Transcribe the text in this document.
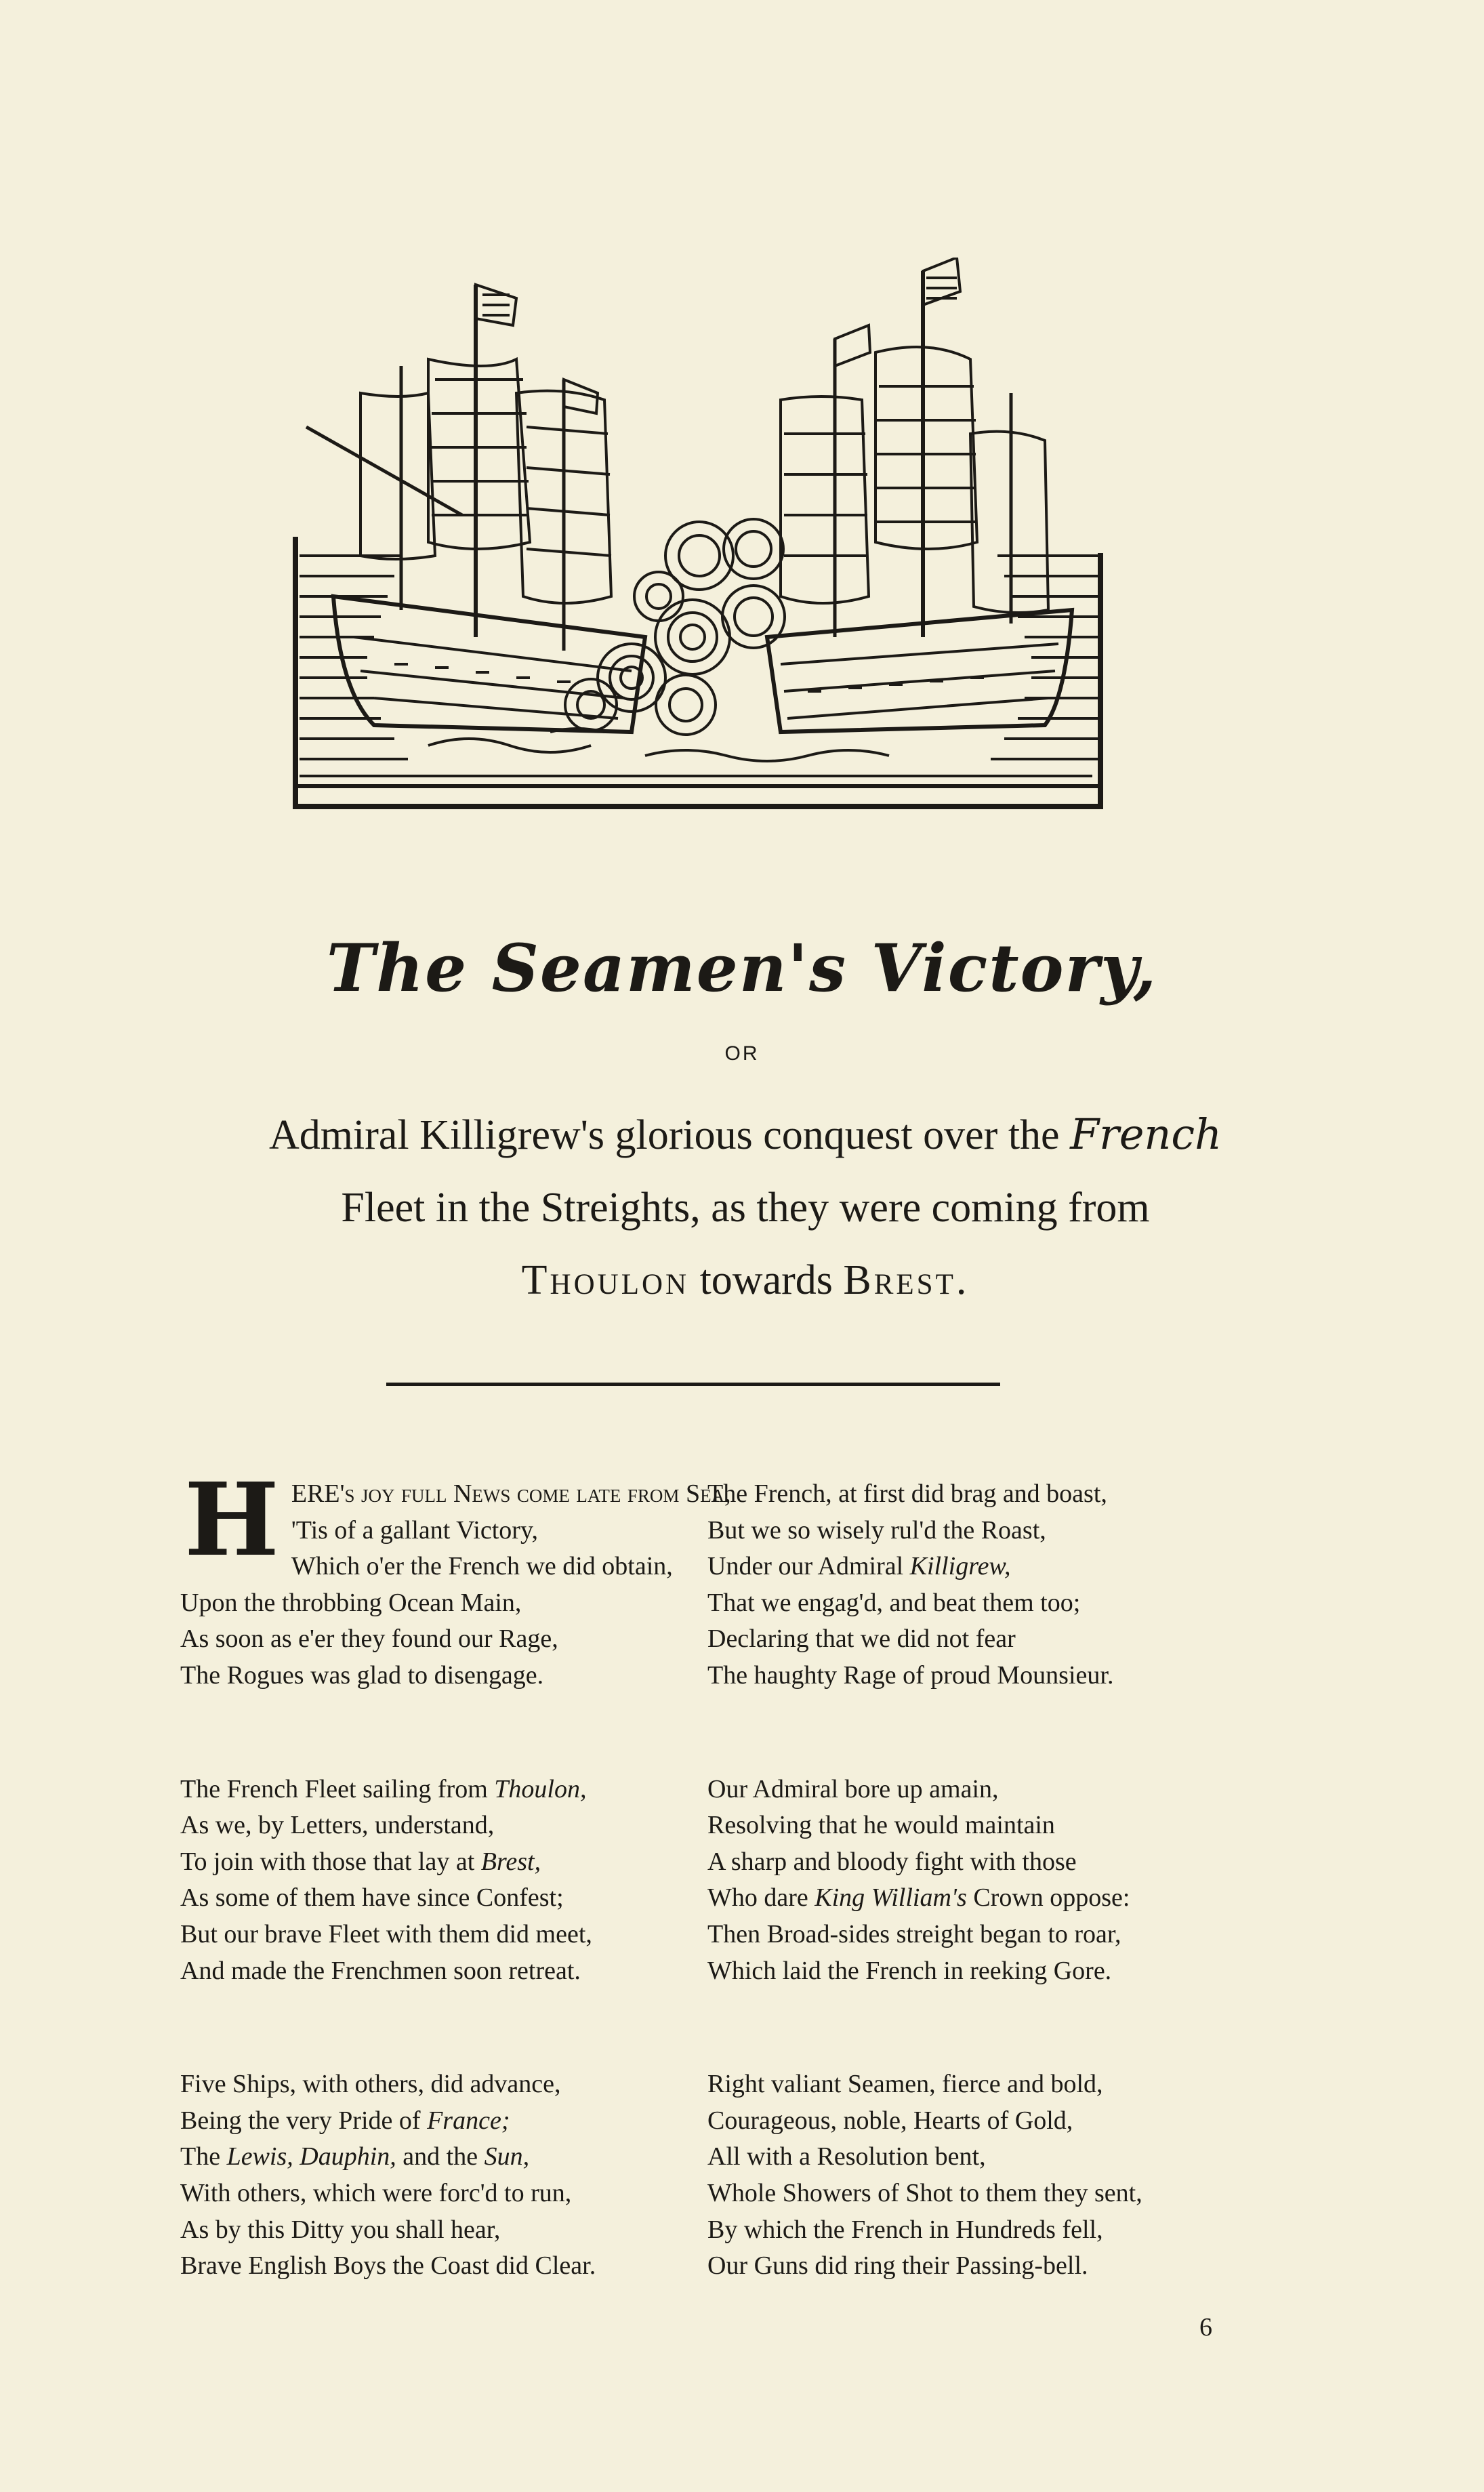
The Seamen's Victory,
OR
Admiral Killigrew's glorious conquest over the French
Fleet in the Streights, as they were coming from
Thoulon towards Brest.
H ERE's joy full News come late from Sea,
'Tis of a gallant Victory,
Which o'er the French we did obtain,
Upon the throbbing Ocean Main,
As soon as e'er they found our Rage,
The Rogues was glad to disengage.
The French Fleet sailing from Thoulon,
As we, by Letters, understand,
To join with those that lay at Brest,
As some of them have since Confest;
But our brave Fleet with them did meet,
And made the Frenchmen soon retreat.
Five Ships, with others, did advance,
Being the very Pride of France;
The Lewis, Dauphin, and the Sun,
With others, which were forc'd to run,
As by this Ditty you shall hear,
Brave English Boys the Coast did Clear.
The French, at first did brag and boast,
But we so wisely rul'd the Roast,
Under our Admiral Killigrew,
That we engag'd, and beat them too;
Declaring that we did not fear
The haughty Rage of proud Mounsieur.
Our Admiral bore up amain,
Resolving that he would maintain
A sharp and bloody fight with those
Who dare King William's Crown oppose:
Then Broad-sides streight began to roar,
Which laid the French in reeking Gore.
Right valiant Seamen, fierce and bold,
Courageous, noble, Hearts of Gold,
All with a Resolution bent,
Whole Showers of Shot to them they sent,
By which the French in Hundreds fell,
Our Guns did ring their Passing-bell.
6
